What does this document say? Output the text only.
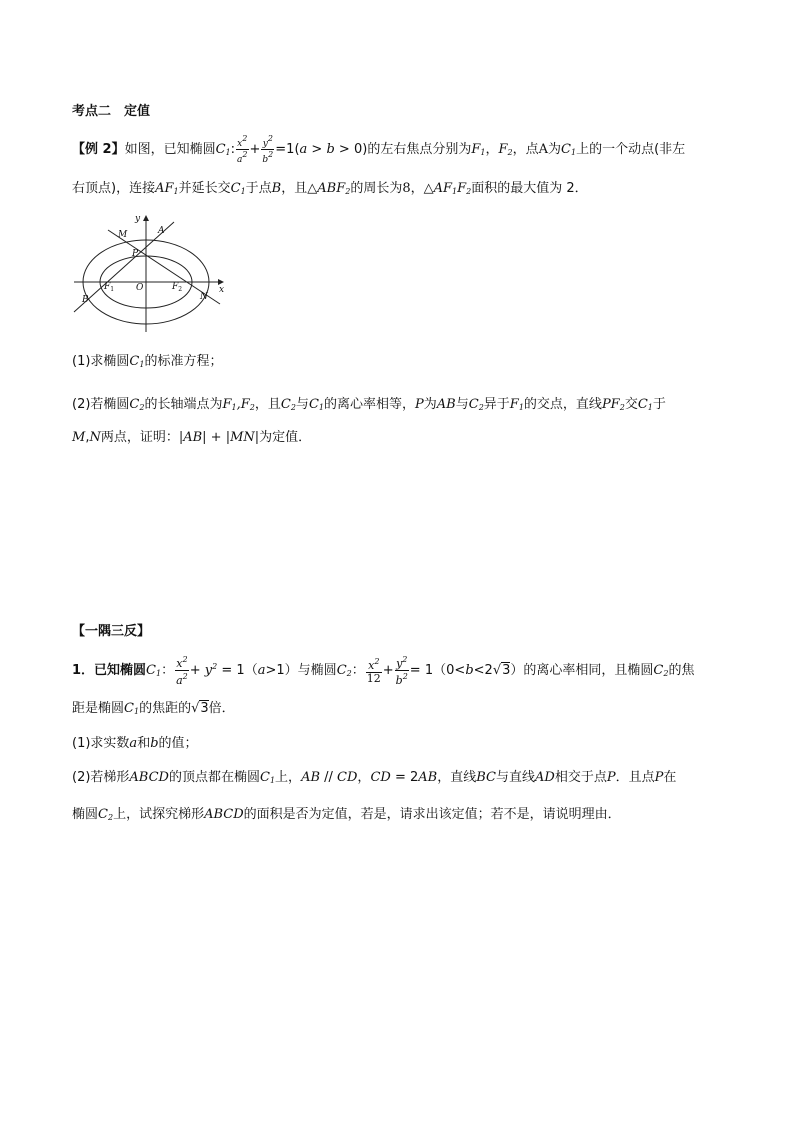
考点二　定值
【例 2】如图，已知椭圆$C_1$: $\frac{x^2}{a^2} + \frac{y^2}{b^2} =1(a > b > 0)$的左右焦点分别为$F_1$，$F_2$，点A为$C_1$上的一个动点(非左
右顶点)，连接$AF_1$并延长交$C_1$于点B，且$\triangle ABF_2$的周长为8，$\triangle AF_1F_2$面积的最大值为 2．
y
x
M	A
P
B
$F_1$ O	$F_2$
N
(1)求椭圆$C_1$的标准方程；
(2)若椭圆$C_2$的长轴端点为$F_1,F_2$，且$C_2$与$C_1$的离心率相等，P为AB与$C_2$异于$F_1$的交点，直线$PF_2$交$C_1$于
M,N两点，证明：|AB| + |MN|为定值．
【一隅三反】
1．已知椭圆$C_1$： $\frac{x^2}{a^2} + y^2 = 1(a>1)$与椭圆$C_2$： $\frac{x^2}{12} + \frac{y^2}{b^2} = 1(0<b<2√3)$的离心率相同，且椭圆$C_2$的焦
距是椭圆$C_1$的焦距的√3倍．
(1)求实数a和b的值；
(2)若梯形ABCD的顶点都在椭圆$C_1$上，AB // CD，CD = 2AB，直线BC与直线AD相交于点P．且点P在
椭圆$C_2$上，试探究梯形ABCD的面积是否为定值，若是，请求出该定值；若不是，请说明理由．
